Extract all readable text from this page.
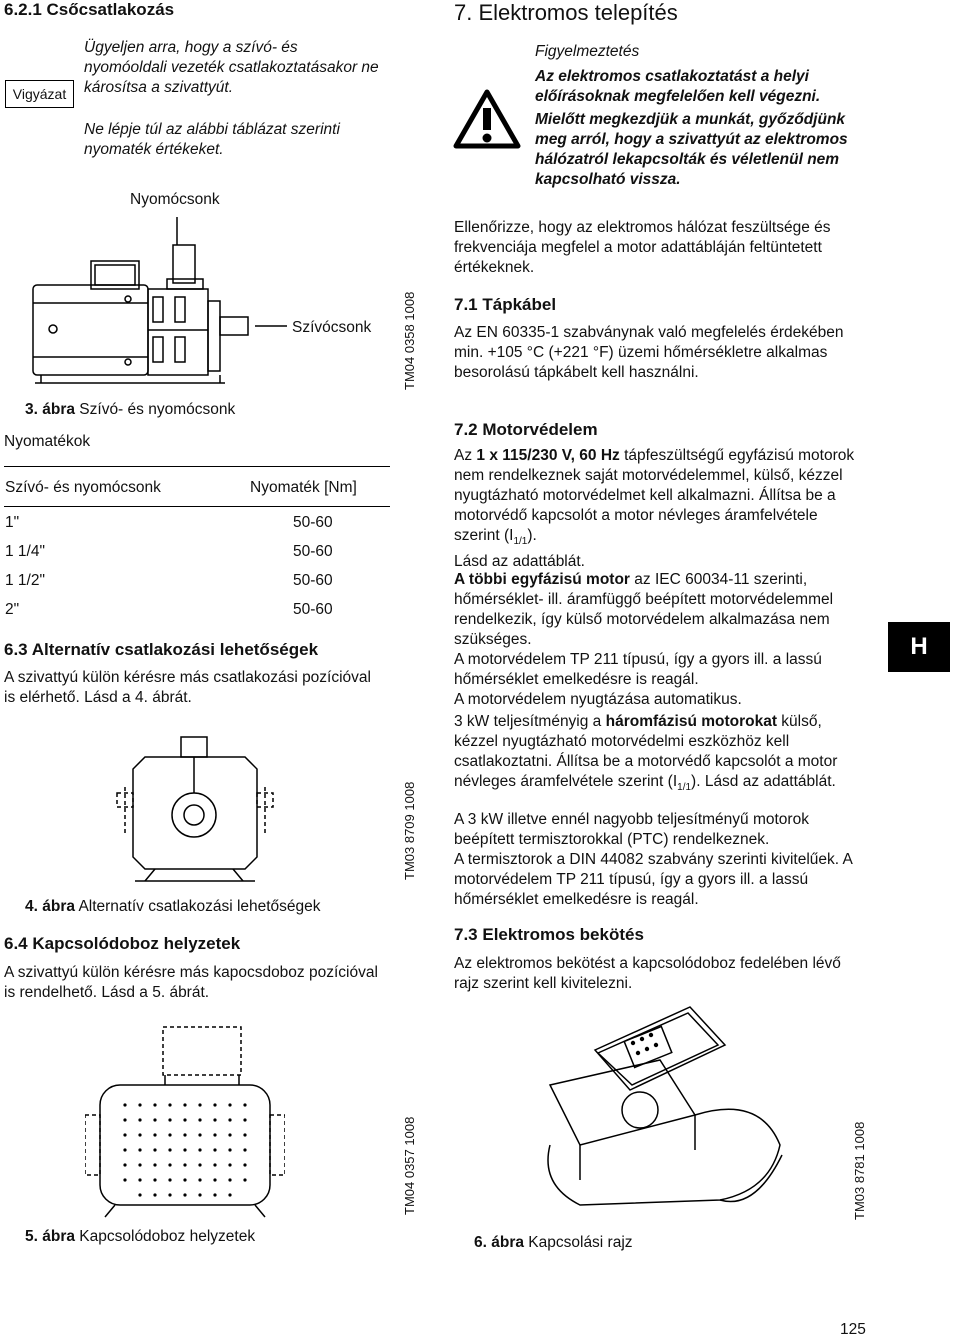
6.2.1 Csőcsatlakozás
Vigyázat
Ügyeljen arra, hogy a szívó- és nyomóoldali vezeték csatlakoztatásakor ne károsítsa a szivattyút.
Ne lépje túl az alábbi táblázat szerinti nyomaték értékeket.
Nyomócsonk
Szívócsonk TM04 0358 1008
3. ábra Szívó- és nyomócsonk
Nyomatékok
Szívó- és nyomócsonk	Nyomaték [Nm]
1"	50-60
1 1/4"	50-60
1 1/2"	50-60
2"	50-60
6.3 Alternatív csatlakozási lehetőségek
A szivattyú külön kérésre más csatlakozási pozícióval is elérhető. Lásd a 4. ábrát.
TM03 8709 1008
4. ábra Alternatív csatlakozási lehetőségek
6.4 Kapcsolódoboz helyzetek
A szivattyú külön kérésre más kapocsdoboz pozícióval is rendelhető. Lásd a 5. ábrát.
TM04 0357 1008
5. ábra Kapcsolódoboz helyzetek
7. Elektromos telepítés
Figyelmeztetés
Az elektromos csatlakoztatást a helyi előírásoknak megfelelően kell végezni.
Mielőtt megkezdjük a munkát, győződjünk meg arról, hogy a szivattyút az elektromos hálózatról lekapcsolták és véletlenül nem kapcsolható vissza.
Ellenőrizze, hogy az elektromos hálózat feszültsége és frekvenciája megfelel a motor adattábláján feltüntetett értékeknek.
7.1 Tápkábel
Az EN 60335-1 szabványnak való megfelelés érdekében min. +105 °C (+221 °F) üzemi hőmérsékletre alkalmas besorolású tápkábelt kell használni.
7.2 Motorvédelem
Az 1 x 115/230 V, 60 Hz tápfeszültségű egyfázisú motorok nem rendelkeznek saját motorvédelemmel, külső, kézzel nyugtázható motorvédelmet kell alkalmazni. Állítsa be a motorvédő kapcsolót a motor névleges áramfelvétele szerint $(I_{1/1})$.
Lásd az adattáblát.
A többi egyfázisú motor az IEC 60034-11 szerinti, hőmérséklet- ill. áramfüggő beépített motorvédelemmel rendelkezik, így külső motorvédelem alkalmazása nem szükséges.
A motorvédelem TP 211 típusú, így a gyors ill. a lassú hőmérséklet emelkedésre is reagál.
A motorvédelem nyugtázása automatikus.
3 kW teljesítményig a háromfázisú motorokat külső, kézzel nyugtázható motorvédelmi eszközhöz kell csatlakoztatni. Állítsa be a motorvédő kapcsolót a motor névleges áramfelvétele szerint $(I_{1/1})$. Lásd az adattáblát.
A 3 kW illetve ennél nagyobb teljesítményű motorok beépített termisztorokkal (PTC) rendelkeznek.
A termisztorok a DIN 44082 szabvány szerinti kivitelűek. A motorvédelem TP 211 típusú, így a gyors ill. a lassú hőmérséklet emelkedésre is reagál.
7.3 Elektromos bekötés
Az elektromos bekötést a kapcsolódoboz fedelében lévő rajz szerint kell kivitelezni.
TM03 8781 1008
6. ábra Kapcsolási rajz
H
125
